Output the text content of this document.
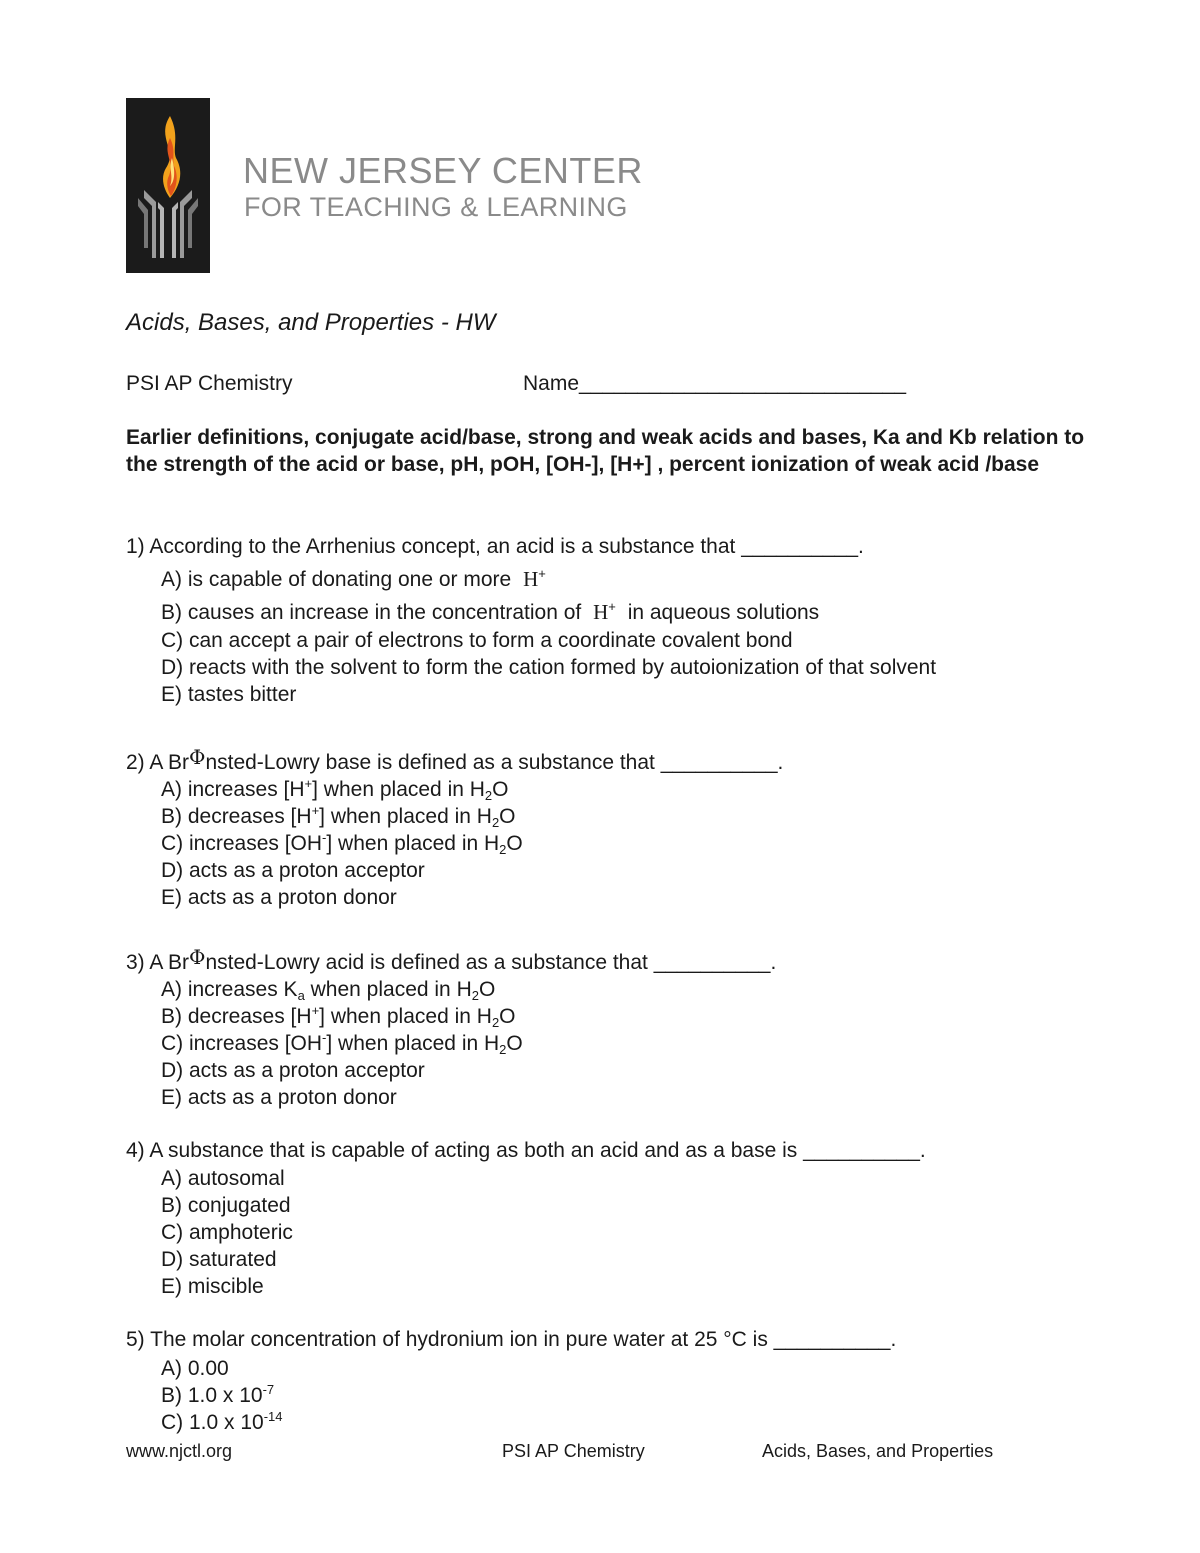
NEW JERSEY CENTER
FOR TEACHING & LEARNING
Acids, Bases, and Properties - HW
PSI AP Chemistry	Name____________________________
Earlier definitions, conjugate acid/base, strong and weak acids and bases, Ka and Kb relation to the strength of the acid or base, pH, pOH, [OH-], [H+] , percent ionization of weak acid /base
1) According to the Arrhenius concept, an acid is a substance that __________.
A) is capable of donating one or more H+
B) causes an increase in the concentration of H+ in aqueous solutions
C) can accept a pair of electrons to form a coordinate covalent bond
D) reacts with the solvent to form the cation formed by autoionization of that solvent
E) tastes bitter
2) A BrΦnsted-Lowry base is defined as a substance that __________.
A) increases [H+] when placed in H2O
B) decreases [H+] when placed in H2O
C) increases [OH-] when placed in H2O
D) acts as a proton acceptor
E) acts as a proton donor
3) A BrΦnsted-Lowry acid is defined as a substance that __________.
A) increases Ka when placed in H2O
B) decreases [H+] when placed in H2O
C) increases [OH-] when placed in H2O
D) acts as a proton acceptor
E) acts as a proton donor
4) A substance that is capable of acting as both an acid and as a base is __________.
A) autosomal
B) conjugated
C) amphoteric
D) saturated
E) miscible
5) The molar concentration of hydronium ion in pure water at 25 °C is __________.
A) 0.00
B) 1.0 x $10^{-7}$
C) 1.0 x $10^{-14}$
www.njctl.org	PSI AP Chemistry	Acids, Bases, and Properties
